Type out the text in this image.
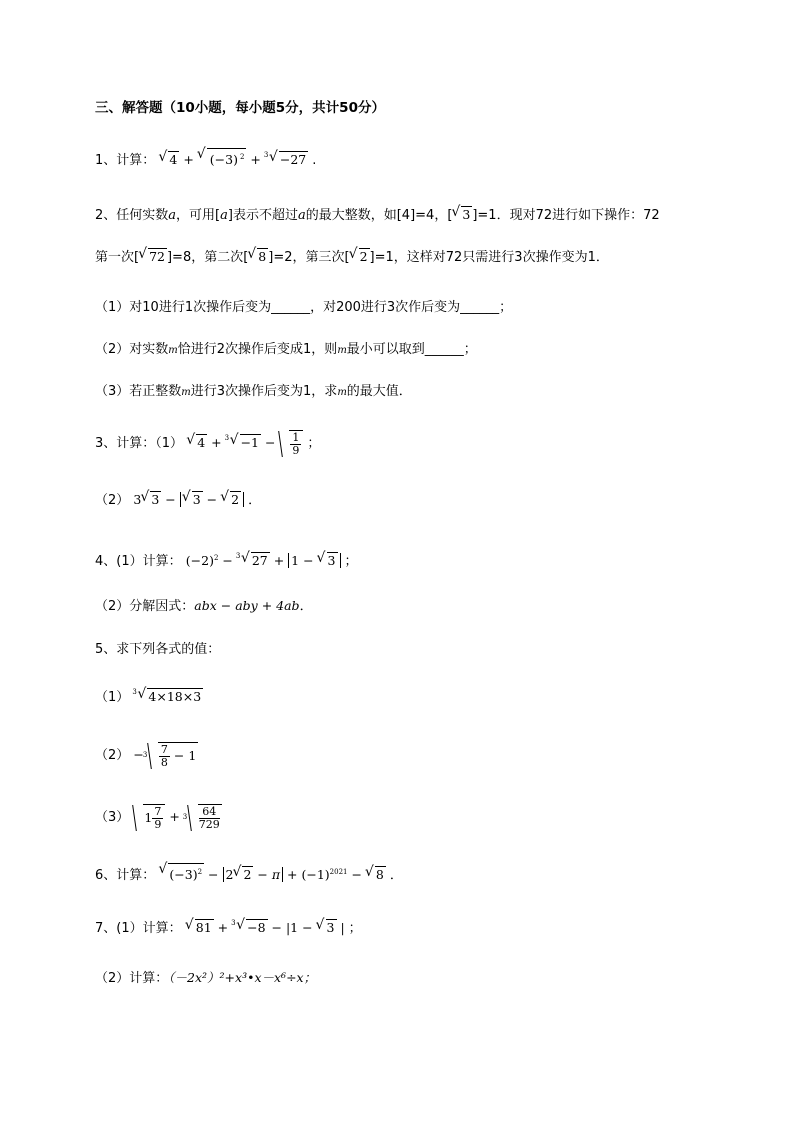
三、解答题（10小题，每小题5分，共计50分）
1、计算： √ 4 + √ (−3) $^2$ + √ −27 3 .
2、任何实数a，可用[a]表示不超过a的最大整数，如[4]=4，[√ 3 ]=1．现对72进行如下操作：72
第一次[√ 72 ]=8，第二次[√ 8 ]=2，第三次[√ 2 ]=1，这样对72只需进行3次操作变为1．
（1）对10进行1次操作后变为______，对200进行3次作后变为______；
（2）对实数m恰进行2次操作后变成1，则m最小可以取到______；
（3）若正整数m进行3次操作后变为1，求m的最大值．
3、计算：（1） √ 4 + √ −1 $3 - \frac{1}{9}$ ；
（2） 3√ 3 − √ 3 − √ 2 ．
4、(1）计算： $(-2)^2$ − √ 27 3 + 1 − √ 3 ；
（2）分解因式：abx − aby + 4ab．
5、求下列各式的值：
（1） √ 4×18×3 3
$(2) - \frac{7}{8} - 1$ 3
（3） $1 \frac{7}{9} + \frac{64}{729}$
3
6、计算： √ $(-3)^2 - 2√$ $2 - \pi + (-1)^{2021}$ − √ 8 ．
7、(1）计算： √ 81 + √ −8 3 − |1 − √ 3 | ；
（2）计算：（－2x²）²+x³•x－x⁶÷x；
